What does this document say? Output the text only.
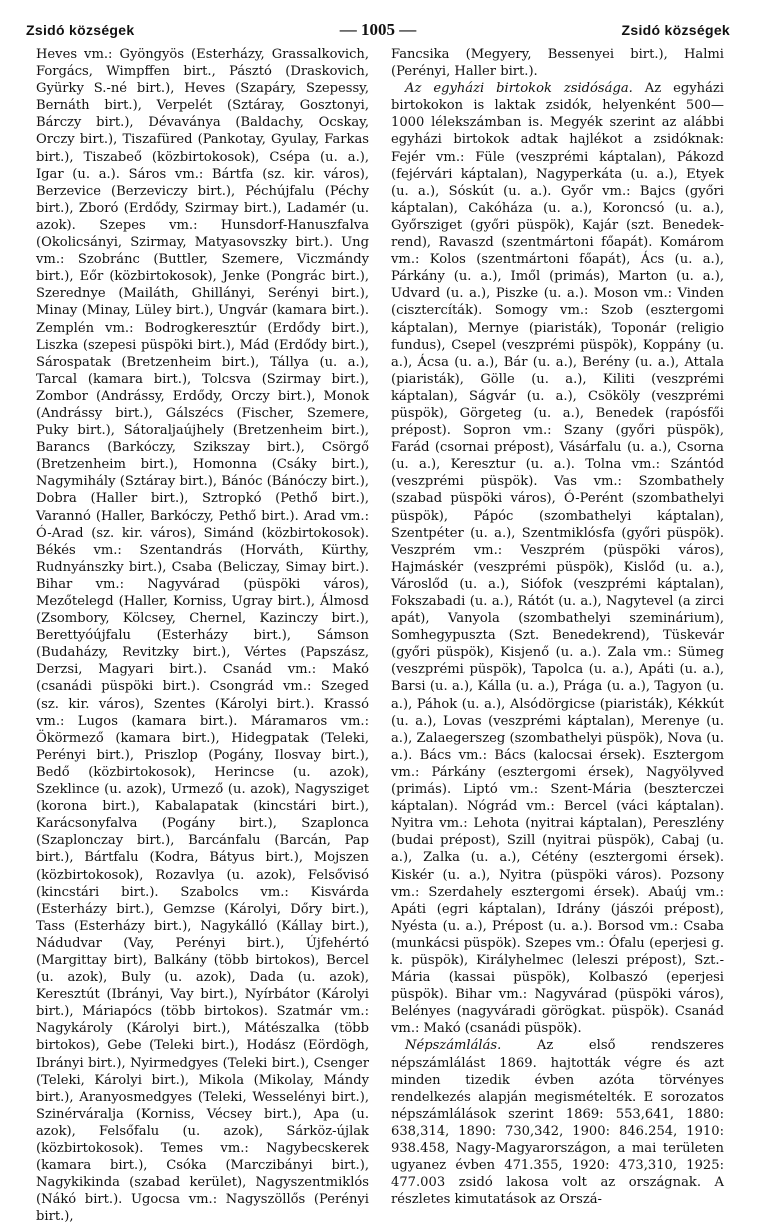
Zsidó községek	— 1005 —	Zsidó községek

Heves vm.: Gyöngyös (Esterházy, Grassalkovich, Forgács, Wimpffen birt., Pásztó (Draskovich, Gyürky S.-né birt.), Heves (Szapáry, Szepessy, Bernáth birt.), Verpelét (Sztáray, Gosztonyi, Bárczy birt.), Dévaványa (Baldachy, Ocskay, Orczy birt.), Tiszafüred (Pankotay, Gyulay, Farkas birt.), Tiszabeő (közbirtokosok), Csépa (u. a.), Igar (u. a.). Sáros vm.: Bártfa (sz. kir. város), Berzevice (Berzeviczy birt.), Péchújfalu (Péchy birt.), Zboró (Erdődy, Szirmay birt.), Ladamér (u. azok). Szepes vm.: Hunsdorf-Hanuszfalva (Okolicsányi, Szirmay, Matyasovszky birt.). Ung vm.: Szobránc (Buttler, Szemere, Viczmándy birt.), Eőr (közbirtokosok), Jenke (Pongrác birt.), Szerednye (Mailáth, Ghillányi, Serényi birt.), Minay (Minay, Lüley birt.), Ungvár (kamara birt.). Zemplén vm.: Bodrogkeresztúr (Erdődy birt.), Liszka (szepesi püspöki birt.), Mád (Erdődy birt.), Sárospatak (Bretzenheim birt.), Tállya (u. a.), Tarcal (kamara birt.), Tolcsva (Szirmay birt.), Zombor (Andrássy, Erdődy, Orczy birt.), Monok (Andrássy birt.), Gálszécs (Fischer, Szemere, Puky birt.), Sátoraljaújhely (Bretzenheim birt.), Barancs (Barkóczy, Szikszay birt.), Csörgő (Bretzenheim birt.), Homonna (Csáky birt.), Nagymihály (Sztáray birt.), Bánóc (Bánóczy birt.), Dobra (Haller birt.), Sztropkó (Pethő birt.), Varannó (Haller, Barkóczy, Pethő birt.). Arad vm.: Ó-Arad (sz. kir. város), Simánd (közbirtokosok). Békés vm.: Szentandrás (Horváth, Kürthy, Rudnyánszky birt.), Csaba (Beliczay, Simay birt.). Bihar vm.: Nagyvárad (püspöki város), Mezőtelegd (Haller, Korniss, Ugray birt.), Álmosd (Zsombory, Kölcsey, Chernel, Kazinczy birt.), Berettyóújfalu (Esterházy birt.), Sámson (Budaházy, Revitzky birt.), Vértes (Papszász, Derzsi, Magyari birt.). Csanád vm.: Makó (csanádi püspöki birt.). Csongrád vm.: Szeged (sz. kir. város), Szentes (Károlyi birt.). Krassó vm.: Lugos (kamara birt.). Máramaros vm.: Ökörmező (kamara birt.), Hidegpatak (Teleki, Perényi birt.), Priszlop (Pogány, Ilosvay birt.), Bedő (közbirtokosok), Herincse (u. azok), Szeklince (u. azok), Urmező (u. azok), Nagysziget (korona birt.), Kabalapatak (kincstári birt.), Karácsonyfalva (Pogány birt.), Szaplonca (Szaplonczay birt.), Barcánfalu (Barcán, Pap birt.), Bártfalu (Kodra, Bátyus birt.), Mojszen (közbirtokosok), Rozavlya (u. azok), Felsővisó (kincstári birt.). Szabolcs vm.: Kisvárda (Esterházy birt.), Gemzse (Károlyi, Dőry birt.), Tass (Esterházy birt.), Nagykálló (Kállay birt.), Nádudvar (Vay, Perényi birt.), Újfehértó (Margittay birt), Balkány (több birtokos), Bercel (u. azok), Buly (u. azok), Dada (u. azok), Keresztút (Ibrányi, Vay birt.), Nyírbátor (Károlyi birt.), Máriapócs (több birtokos). Szatmár vm.: Nagykároly (Károlyi birt.), Mátészalka (több birtokos), Gebe (Teleki birt.), Hodász (Eördögh, Ibrányi birt.), Nyirmedgyes (Teleki birt.), Csenger (Teleki, Károlyi birt.), Mikola (Mikolay, Mándy birt.), Aranyosmedgyes (Teleki, Wesselényi birt.), Szinérváralja (Korniss, Vécsey birt.), Apa (u. azok), Felsőfalu (u. azok), Sárköz-újlak (közbirtokosok). Temes vm.: Nagybecskerek (kamara birt.), Csóka (Marczibányi birt.), Nagykikinda (szabad kerület), Nagyszentmiklós (Nákó birt.). Ugocsa vm.: Nagyszöllős (Perényi birt.),

Fancsika (Megyery, Bessenyei birt.), Halmi (Perényi, Haller birt.).

Az egyházi birtokok zsidósága. Az egyházi birtokokon is laktak zsidók, helyenként 500—1000 lélekszámban is. Megyék szerint az alábbi egyházi birtokok adtak hajlékot a zsidóknak: Fejér vm.: Füle (veszprémi káptalan), Pákozd (fejérvári káptalan), Nagyperkáta (u. a.), Etyek (u. a.), Sóskút (u. a.). Győr vm.: Bajcs (győri káptalan), Cakóháza (u. a.), Koroncsó (u. a.), Győrsziget (győri püspök), Kajár (szt. Benedek-rend), Ravaszd (szentmártoni főapát). Komárom vm.: Kolos (szentmártoni főapát), Ács (u. a.), Párkány (u. a.), Imől (primás), Marton (u. a.), Udvard (u. a.), Piszke (u. a.). Moson vm.: Vinden (cisztercíták). Somogy vm.: Szob (esztergomi káptalan), Mernye (piaristák), Toponár (religio fundus), Csepel (veszprémi püspök), Koppány (u. a.), Ácsa (u. a.), Bár (u. a.), Berény (u. a.), Attala (piaristák), Gölle (u. a.), Kiliti (veszprémi káptalan), Ságvár (u. a.), Csököly (veszprémi püspök), Görgeteg (u. a.), Benedek (rapósfői prépost). Sopron vm.: Szany (győri püspök), Farád (csornai prépost), Vásárfalu (u. a.), Csorna (u. a.), Keresztur (u. a.). Tolna vm.: Szántód (veszprémi püspök). Vas vm.: Szombathely (szabad püspöki város), Ó-Perént (szombathelyi püspök), Pápóc (szombathelyi káptalan), Szentpéter (u. a.), Szentmiklósfa (győri püspök). Veszprém vm.: Veszprém (püspöki város), Hajmáskér (veszprémi püspök), Kislőd (u. a.), Városlőd (u. a.), Siófok (veszprémi káptalan), Fokszabadi (u. a.), Rátót (u. a.), Nagytevel (a zirci apát), Vanyola (szombathelyi szeminárium), Somhegypuszta (Szt. Benedekrend), Tüskevár (győri püspök), Kisjenő (u. a.). Zala vm.: Sümeg (veszprémi püspök), Tapolca (u. a.), Apáti (u. a.), Barsi (u. a.), Kálla (u. a.), Prága (u. a.), Tagyon (u. a.), Páhok (u. a.), Alsódörgicse (piaristák), Kékkút (u. a.), Lovas (veszprémi káptalan), Merenye (u. a.), Zalaegerszeg (szombathelyi püspök), Nova (u. a.). Bács vm.: Bács (kalocsai érsek). Esztergom vm.: Párkány (esztergomi érsek), Nagyölyved (primás). Liptó vm.: Szent-Mária (beszterczei káptalan). Nógrád vm.: Bercel (váci káptalan). Nyitra vm.: Lehota (nyitrai káptalan), Pereszlény (budai prépost), Szill (nyitrai püspök), Cabaj (u. a.), Zalka (u. a.), Cétény (esztergomi érsek). Kiskér (u. a.), Nyitra (püspöki város). Pozsony vm.: Szerdahely esztergomi érsek). Abaúj vm.: Apáti (egri káptalan), Idrány (jászói prépost), Nyésta (u. a.), Prépost (u. a.). Borsod vm.: Csaba (munkácsi püspök). Szepes vm.: Ófalu (eperjesi g. k. püspök), Királyhelmec (leleszi prépost), Szt.-Mária (kassai püspök), Kolbaszó (eperjesi püspök). Bihar vm.: Nagyvárad (püspöki város), Belényes (nagyváradi görögkat. püspök). Csanád vm.: Makó (csanádi püspök).

Népszámlálás. Az első rendszeres népszámlálást 1869. hajtották végre és azt minden tizedik évben azóta törvényes rendelkezés alapján megismételték. E sorozatos népszámlálások szerint 1869: 553,641, 1880: 638,314, 1890: 730,342, 1900: 846.254, 1910: 938.458, Nagy-Magyarországon, a mai területen ugyanez évben 471.355, 1920: 473,310, 1925: 477.003 zsidó lakosa volt az országnak. A részletes kimutatások az Orszá-
